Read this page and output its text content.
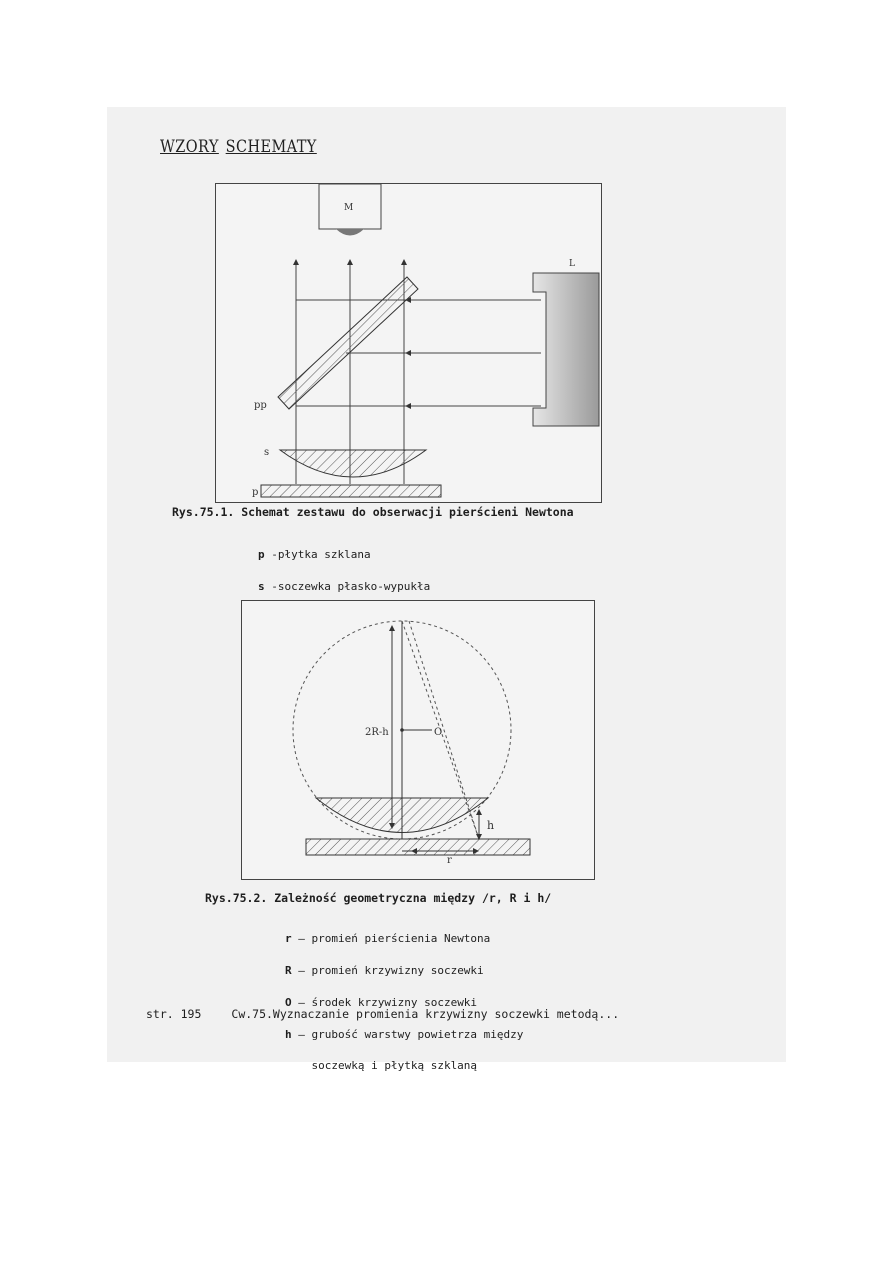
WZORY SCHEMATY
M
L
pp
s
p
Rys.75.1. Schemat zestawu do obserwacji pierścieni Newtona

p -płytka szklana

s -soczewka płasko-wypukła

2R-h	O
h
r
Rys.75.2. Zależność geometryczna między /r, R i h/

r – promień pierścienia Newtona

R – promień krzywizny soczewki

O – środek krzywizny soczewki

h – grubość warstwy powietrza między

soczewką i płytką szklaną

str. 195	Cw.75.Wyznaczanie promienia krzywizny soczewki metodą...
